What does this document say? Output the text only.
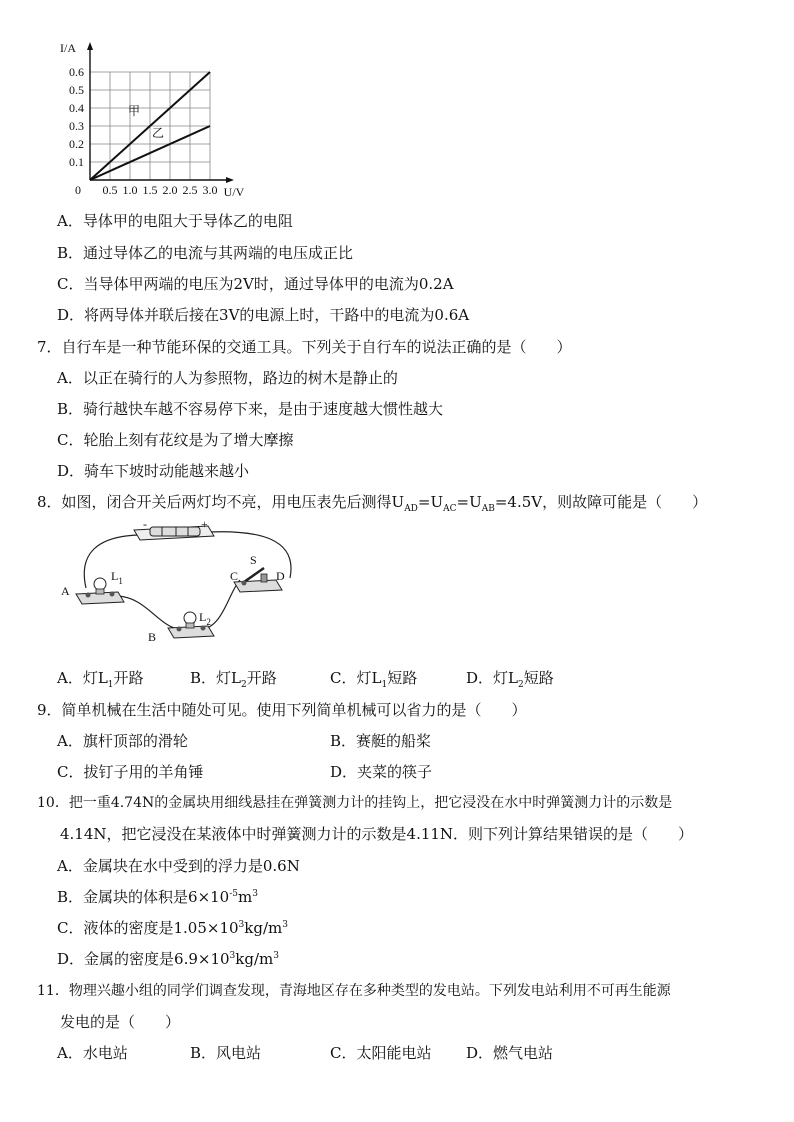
0.5 1.0 1.5 2.0 2.5 3.0
0.1
0.2
0.3
0.4
0.5
0.6
0
I/A
U/V
甲
乙
A．导体甲的电阻大于导体乙的电阻
B．通过导体乙的电流与其两端的电压成正比
C．当导体甲两端的电压为2V时，通过导体甲的电流为0.2A
D．将两导体并联后接在3V的电源上时，干路中的电流为0.6A
7．自行车是一种节能环保的交通工具。下列关于自行车的说法正确的是（　　）
A．以正在骑行的人为参照物，路边的树木是静止的
B．骑行越快车越不容易停下来，是由于速度越大惯性越大
C．轮胎上刻有花纹是为了增大摩擦
D．骑车下坡时动能越来越小
8．如图，闭合开关后两灯均不亮，用电压表先后测得$U_{AD}=U_{AC}=U_{AB}=4.5V$，则故障可能是（　　）
-	+
A
B
C	D
S
$L_1$
$L_2$
A．灯$L_1$开路	B．灯$L_2$开路	C．灯$L_1$短路	D．灯$L_2$短路
9．简单机械在生活中随处可见。使用下列简单机械可以省力的是（　　）
A．旗杆顶部的滑轮	B．赛艇的船桨
C．拔钉子用的羊角锤	D．夹菜的筷子
10．把一重4.74N的金属块用细线悬挂在弹簧测力计的挂钩上，把它浸没在水中时弹簧测力计的示数是
4.14N，把它浸没在某液体中时弹簧测力计的示数是4.11N．则下列计算结果错误的是（　　）
A．金属块在水中受到的浮力是0.6N
B．金属块的体积是$6\times 10^{-5}m^3$
C．液体的密度是$1.05\times 10^3kg/m^3$
D．金属的密度是$6.9\times 10^3kg/m^3$
11．物理兴趣小组的同学们调查发现，青海地区存在多种类型的发电站。下列发电站利用不可再生能源
发电的是（　　）
A．水电站	B．风电站	C．太阳能电站 D．燃气电站
